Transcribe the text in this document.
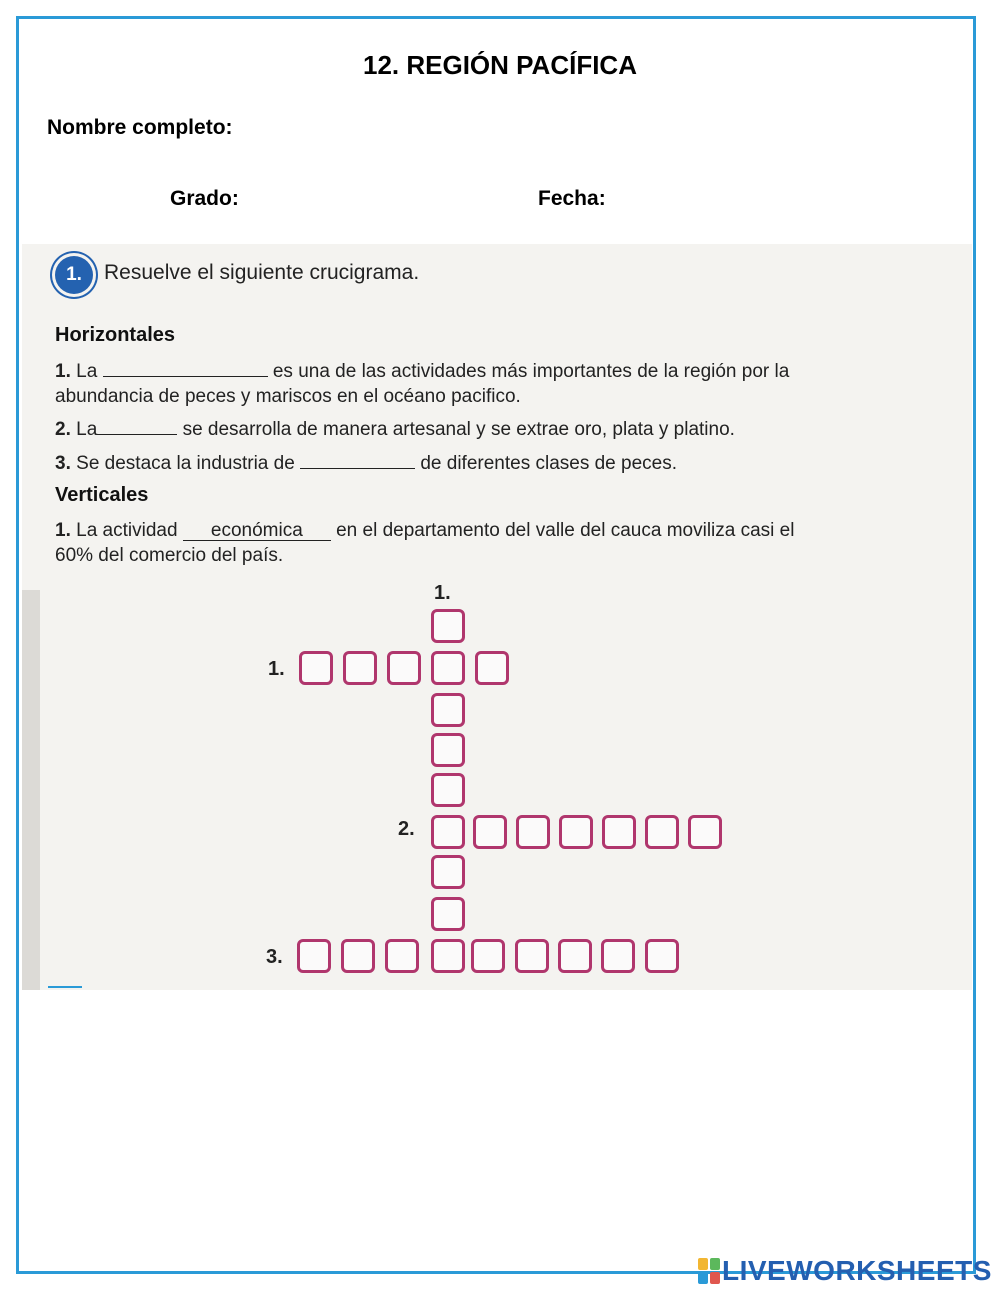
12. REGIÓN PACÍFICA
Nombre completo:
Grado:	Fecha:
1.	Resuelve el siguiente crucigrama.
Horizontales
1. La	es una de las actividades más importantes de la región por la
abundancia de peces y mariscos en el océano pacifico.
2. La	se desarrolla de manera artesanal y se extrae oro, plata y platino.
3. Se destaca la industria de	de diferentes clases de peces.
Verticales
1. La actividad económica en el departamento del valle del cauca moviliza casi el
60% del comercio del país.
1.
1.
2.
3.
LIVEWORKSHEETS
